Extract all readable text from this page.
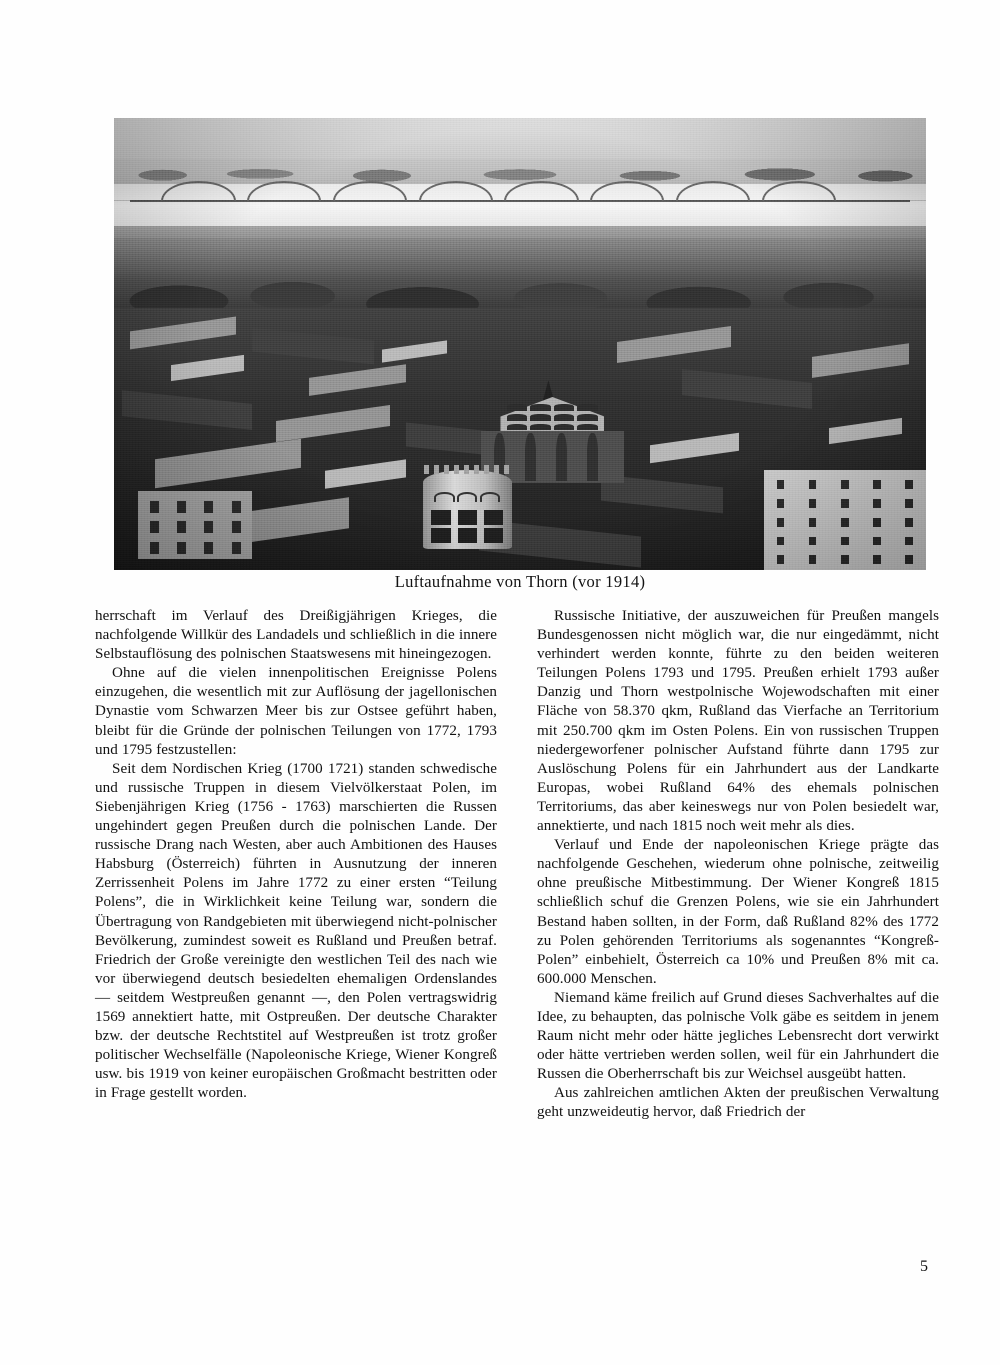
Luftaufnahme von Thorn (vor 1914)

herrschaft im Verlauf des Dreißigjährigen Krieges, die nachfolgende Willkür des Landadels und schließlich in die innere Selbstauflösung des polnischen Staatswesens mit hineingezogen.

Ohne auf die vielen innenpolitischen Ereignisse Polens einzugehen, die wesentlich mit zur Auflösung der jagellonischen Dynastie vom Schwarzen Meer bis zur Ostsee geführt haben, bleibt für die Gründe der polnischen Teilungen von 1772, 1793 und 1795 festzustellen:

Seit dem Nordischen Krieg (1700 1721) standen schwedische und russische Truppen in diesem Vielvölkerstaat Polen, im Siebenjährigen Krieg (1756 - 1763) marschierten die Russen ungehindert gegen Preußen durch die polnischen Lande. Der russische Drang nach Westen, aber auch Ambitionen des Hauses Habsburg (Österreich) führten in Ausnutzung der inneren Zerrissenheit Polens im Jahre 1772 zu einer ersten “Teilung Polens”, die in Wirklichkeit keine Teilung war, sondern die Übertragung von Randgebieten mit überwiegend nicht-polnischer Bevölkerung, zumindest soweit es Rußland und Preußen betraf. Friedrich der Große vereinigte den westlichen Teil des nach wie vor überwiegend deutsch besiedelten ehemaligen Ordenslandes — seitdem Westpreußen genannt —, den Polen vertragswidrig 1569 annektiert hatte, mit Ostpreußen. Der deutsche Charakter bzw. der deutsche Rechtstitel auf Westpreußen ist trotz großer politischer Wechselfälle (Napoleonische Kriege, Wiener Kongreß usw. bis 1919 von keiner europäischen Großmacht bestritten oder in Frage gestellt worden.

Russische Initiative, der auszuweichen für Preußen mangels Bundesgenossen nicht möglich war, die nur eingedämmt, nicht verhindert werden konnte, führte zu den beiden weiteren Teilungen Polens 1793 und 1795. Preußen erhielt 1793 außer Danzig und Thorn westpolnische Wojewodschaften mit einer Fläche von 58.370 qkm, Rußland das Vierfache an Territorium mit 250.700 qkm im Osten Polens. Ein von russischen Truppen niedergeworfener polnischer Aufstand führte dann 1795 zur Auslöschung Polens für ein Jahrhundert aus der Landkarte Europas, wobei Rußland 64% des ehemals polnischen Territoriums, das aber keineswegs nur von Polen besiedelt war, annektierte, und nach 1815 noch weit mehr als dies.

Verlauf und Ende der napoleonischen Kriege prägte das nachfolgende Geschehen, wiederum ohne polnische, zeitweilig ohne preußische Mitbestimmung. Der Wiener Kongreß 1815 schließlich schuf die Grenzen Polens, wie sie ein Jahrhundert Bestand haben sollten, in der Form, daß Rußland 82% des 1772 zu Polen gehörenden Territoriums als sogenanntes “Kongreß-Polen” einbehielt, Österreich ca 10% und Preußen 8% mit ca. 600.000 Menschen.

Niemand käme freilich auf Grund dieses Sachverhaltes auf die Idee, zu behaupten, das polnische Volk gäbe es seitdem in jenem Raum nicht mehr oder hätte jegliches Lebensrecht dort verwirkt oder hätte vertrieben werden sollen, weil für ein Jahrhundert die Russen die Oberherrschaft bis zur Weichsel ausgeübt hatten.

Aus zahlreichen amtlichen Akten der preußischen Verwaltung geht unzweideutig hervor, daß Friedrich der

5
